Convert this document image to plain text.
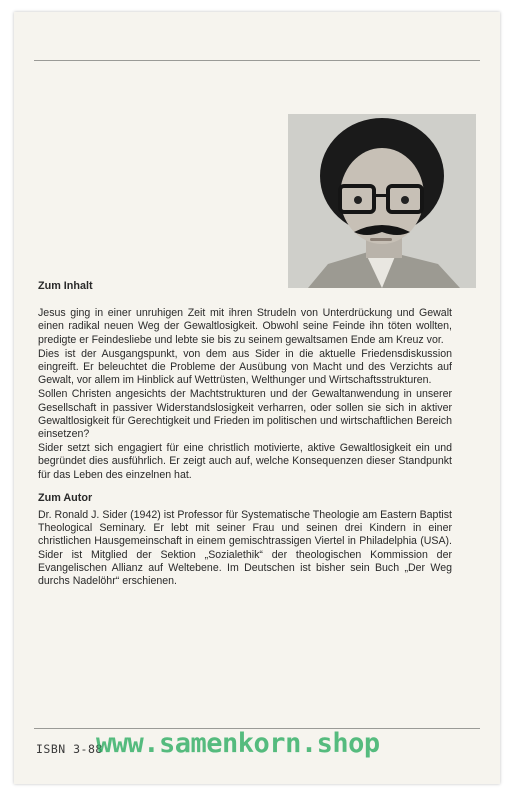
Zum Inhalt

Jesus ging in einer unruhigen Zeit mit ihren Strudeln von Unterdrückung und Gewalt einen radikal neuen Weg der Gewaltlosigkeit. Obwohl seine Feinde ihn töten wollten, predigte er Feindesliebe und lebte sie bis zu seinem gewaltsamen Ende am Kreuz vor.

Dies ist der Ausgangspunkt, von dem aus Sider in die aktuelle Friedensdiskussion eingreift. Er beleuchtet die Probleme der Ausübung von Macht und des Verzichts auf Gewalt, vor allem im Hinblick auf Wettrüsten, Welthunger und Wirtschaftsstrukturen.

Sollen Christen angesichts der Machtstrukturen und der Gewaltanwendung in unserer Gesellschaft in passiver Widerstandslosigkeit verharren, oder sollen sie sich in aktiver Gewaltlosigkeit für Gerechtigkeit und Frieden im politischen und wirtschaftlichen Bereich einsetzen?

Sider setzt sich engagiert für eine christlich motivierte, aktive Gewaltlosigkeit ein und begründet dies ausführlich. Er zeigt auch auf, welche Konsequenzen dieser Standpunkt für das Leben des einzelnen hat.

Zum Autor

Dr. Ronald J. Sider (1942) ist Professor für Systematische Theologie am Eastern Baptist Theological Seminary. Er lebt mit seiner Frau und seinen drei Kindern in einer christlichen Hausgemeinschaft in einem gemischtrassigen Viertel in Philadelphia (USA). Sider ist Mitglied der Sektion „Sozialethik“ der theologischen Kommission der Evangelischen Allianz auf Weltebene. Im Deutschen ist bisher sein Buch „Der Weg durchs Nadelöhr“ erschienen.

ISBN 3-88
www.samenkorn.shop
